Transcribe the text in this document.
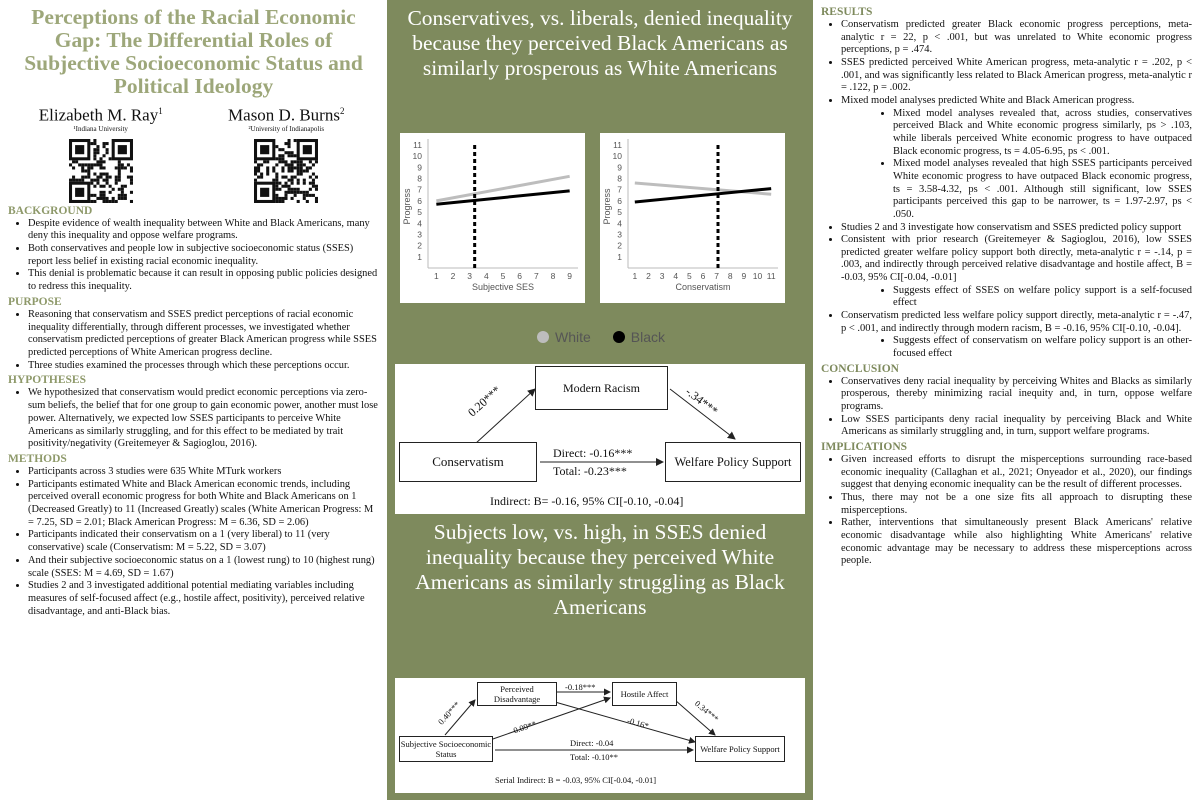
Perceptions of the Racial Economic Gap: The Differential Roles of Subjective Socioeconomic Status and Political Ideology
Elizabeth M. Ray$^1$
¹Indiana University
Mason D. Burns$^2$
²University of Indianapolis
BACKGROUND
• Despite evidence of wealth inequality between White and Black Americans, many deny this inequality and oppose welfare programs.
• Both conservatives and people low in subjective socioeconomic status (SSES) report less belief in existing racial economic inequality.
• This denial is problematic because it can result in opposing public policies designed to redress this inequality.
PURPOSE
• Reasoning that conservatism and SSES predict perceptions of racial economic inequality differentially, through different processes, we investigated whether conservatism predicted perceptions of greater Black American progress while SSES predicted perceptions of White American progress decline.
• Three studies examined the processes through which these perceptions occur.
HYPOTHESES
• We hypothesized that conservatism would predict economic perceptions via zero-sum beliefs, the belief that for one group to gain economic power, another must lose power. Alternatively, we expected low SSES participants to perceive White Americans as similarly struggling, and for this effect to be mediated by trait positivity/negativity (Greitemeyer & Sagioglou, 2016).
METHODS
• Participants across 3 studies were 635 White MTurk workers
• Participants estimated White and Black American economic trends, including perceived overall economic progress for both White and Black Americans on 1 (Decreased Greatly) to 11 (Increased Greatly) scales (White American Progress: M = 7.25, SD = 2.01; Black American Progress: M = 6.36, SD = 2.06)
• Participants indicated their conservatism on a 1 (very liberal) to 11 (very conservative) scale (Conservatism: M = 5.22, SD = 3.07)
• And their subjective socioeconomic status on a 1 (lowest rung) to 10 (highest rung) scale (SSES: M = 4.69, SD = 1.67)
• Studies 2 and 3 investigated additional potential mediating variables including measures of self-focused affect (e.g., hostile affect, positivity), perceived relative disadvantage, and anti-Black bias.
Conservatives, vs. liberals, denied inequality because they perceived Black Americans as similarly prosperous as White Americans
1
2
3
4
5
6
7
8
9
10
11
1 2 3 4 5 6 7 8 9
Subjective SES
Progress
1
2
3
4
5
6
7
8
9
10
11
1 2 3 4 5 6 7 8 9 10 11
Conservatism
Progress
White	Black
Modern Racism
Conservatism	Welfare Policy Support
0.20***	-.34***
Direct: -0.16***
Total: -0.23***
Indirect: B= -0.16, 95% CI[-0.10, -0.04]
Subjects low, vs. high, in SSES denied inequality because they perceived White Americans as similarly struggling as Black Americans
Perceived Disadvantage	Hostile Affect
Subjective Socioeconomic Status	Welfare Policy Support
0.40***
-0.18***
0.34***
0.09**	-0.16*
Direct: -0.04
Total: -0.10**
Serial Indirect: B = -0.03, 95% CI[-0.04, -0.01]
RESULTS
• Conservatism predicted greater Black economic progress perceptions, meta-analytic r = 22, p < .001, but was unrelated to White economic progress perceptions, p = .474.
• SSES predicted perceived White American progress, meta-analytic r = .202, p < .001, and was significantly less related to Black American progress, meta-analytic r = .122, p = .002.
• Mixed model analyses predicted White and Black American progress.
• Mixed model analyses revealed that, across studies, conservatives perceived Black and White economic progress similarly, ps > .103, while liberals perceived White economic progress to have outpaced Black economic progress, ts = 4.05-6.95, ps < .001.
• Mixed model analyses revealed that high SSES participants perceived White economic progress to have outpaced Black economic progress, ts = 3.58-4.32, ps < .001. Although still significant, low SSES participants perceived this gap to be narrower, ts = 1.97-2.97, ps < .050.
• Studies 2 and 3 investigate how conservatism and SSES predicted policy support
• Consistent with prior research (Greitemeyer & Sagioglou, 2016), low SSES predicted greater welfare policy support both directly, meta-analytic r = -.14, p = .003, and indirectly through perceived relative disadvantage and hostile affect, B = -0.03, 95% CI[-0.04, -0.01]
• Suggests effect of SSES on welfare policy support is a self-focused effect
• Conservatism predicted less welfare policy support directly, meta-analytic r = -.47, p < .001, and indirectly through modern racism, B = -0.16, 95% CI[-0.10, -0.04].
• Suggests effect of conservatism on welfare policy support is an other-focused effect
CONCLUSION
• Conservatives deny racial inequality by perceiving Whites and Blacks as similarly prosperous, thereby minimizing racial inequity and, in turn, oppose welfare programs.
• Low SSES participants deny racial inequality by perceiving Black and White Americans as similarly struggling and, in turn, support welfare programs.
IMPLICATIONS
• Given increased efforts to disrupt the misperceptions surrounding race-based economic inequality (Callaghan et al., 2021; Onyeador et al., 2020), our findings suggest that denying economic inequality can be the result of different processes.
• Thus, there may not be a one size fits all approach to disrupting these misperceptions.
• Rather, interventions that simultaneously present Black Americans' relative economic disadvantage while also highlighting White Americans' relative economic advantage may be necessary to address these misperceptions across people.
